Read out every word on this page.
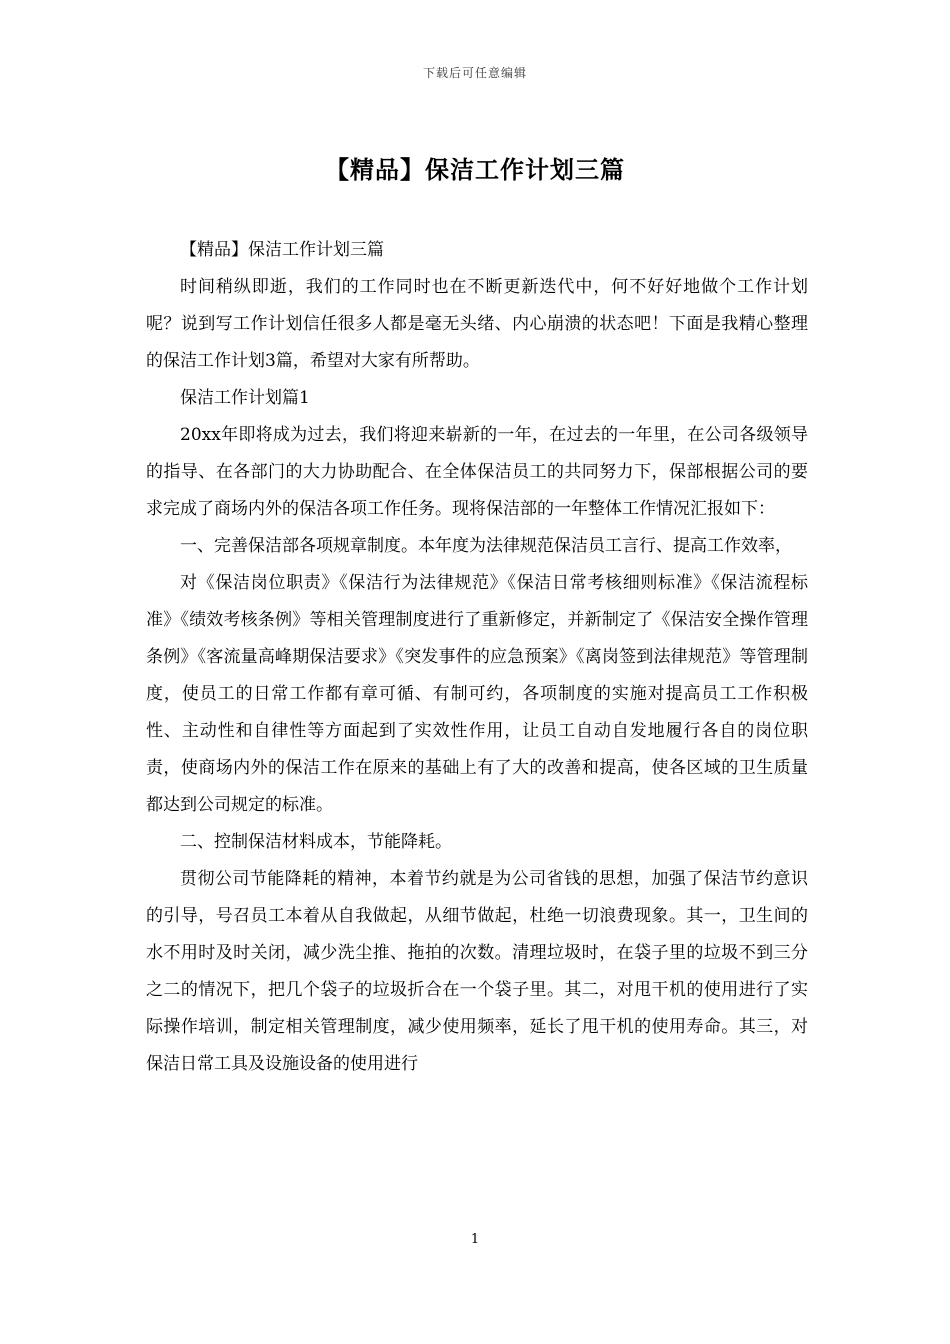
下载后可任意编辑
【精品】保洁工作计划三篇

【精品】保洁工作计划三篇

时间稍纵即逝，我们的工作同时也在不断更新迭代中，何不好好地做个工作计划呢？说到写工作计划信任很多人都是毫无头绪、内心崩溃的状态吧！下面是我精心整理的保洁工作计划3篇，希望对大家有所帮助。

保洁工作计划篇1

20xx年即将成为过去，我们将迎来崭新的一年，在过去的一年里，在公司各级领导的指导、在各部门的大力协助配合、在全体保洁员工的共同努力下，保部根据公司的要求完成了商场内外的保洁各项工作任务。现将保洁部的一年整体工作情况汇报如下：

一、完善保洁部各项规章制度。本年度为法律规范保洁员工言行、提高工作效率，

对《保洁岗位职责》《保洁行为法律规范》《保洁日常考核细则标准》《保洁流程标准》《绩效考核条例》等相关管理制度进行了重新修定，并新制定了《保洁安全操作管理条例》《客流量高峰期保洁要求》《突发事件的应急预案》《离岗签到法律规范》等管理制度，使员工的日常工作都有章可循、有制可约，各项制度的实施对提高员工工作积极性、主动性和自律性等方面起到了实效性作用，让员工自动自发地履行各自的岗位职责，使商场内外的保洁工作在原来的基础上有了大的改善和提高，使各区域的卫生质量都达到公司规定的标准。

二、控制保洁材料成本，节能降耗。

贯彻公司节能降耗的精神，本着节约就是为公司省钱的思想，加强了保洁节约意识的引导，号召员工本着从自我做起，从细节做起，杜绝一切浪费现象。其一，卫生间的水不用时及时关闭，减少洗尘推、拖拍的次数。清理垃圾时，在袋子里的垃圾不到三分之二的情况下，把几个袋子的垃圾折合在一个袋子里。其二，对甩干机的使用进行了实际操作培训，制定相关管理制度，减少使用频率，延长了甩干机的使用寿命。其三，对保洁日常工具及设施设备的使用进行

1
